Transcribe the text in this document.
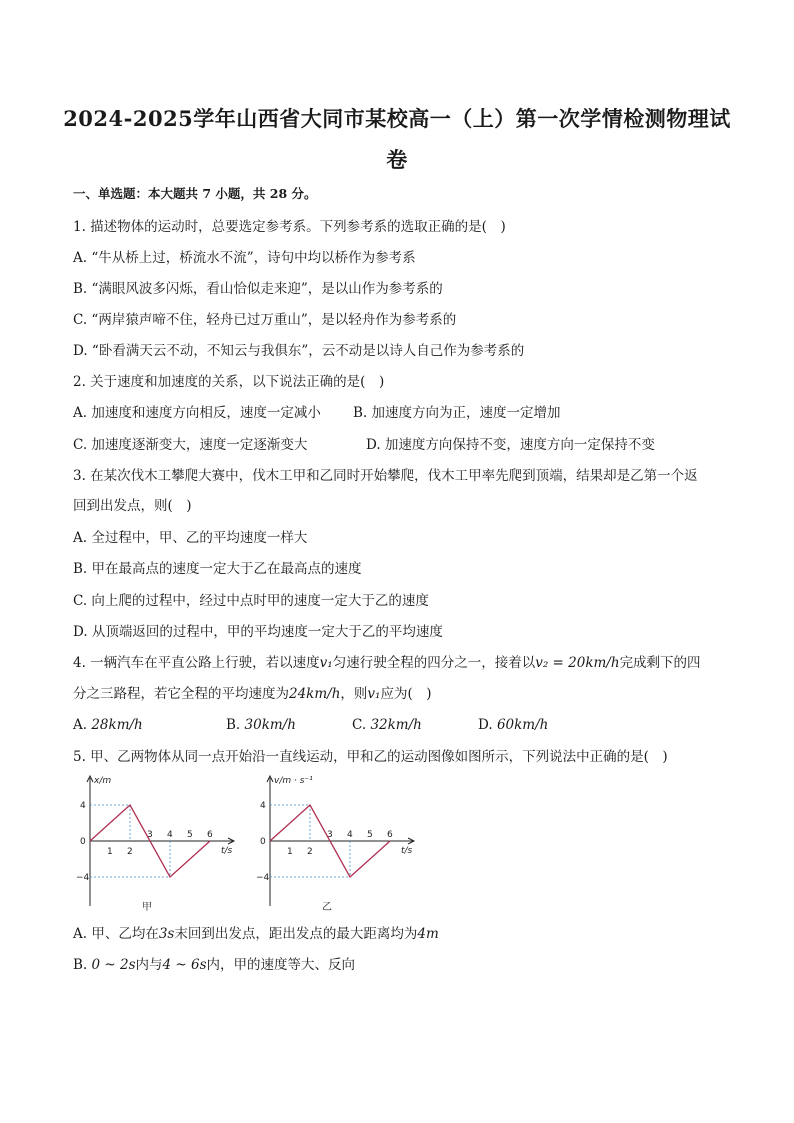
2024-2025学年山西省大同市某校高一（上）第一次学情检测物理试
卷
一、单选题：本大题共 7 小题，共 28 分。
1. 描述物体的运动时，总要选定参考系。下列参考系的选取正确的是(　)
A. “牛从桥上过，桥流水不流”，诗句中均以桥作为参考系
B. “满眼风波多闪烁，看山恰似走来迎”，是以山作为参考系的
C. “两岸猿声啼不住，轻舟已过万重山”，是以轻舟作为参考系的
D. “卧看满天云不动，不知云与我俱东”，云不动是以诗人自己作为参考系的
2. 关于速度和加速度的关系，以下说法正确的是(　)
A. 加速度和速度方向相反，速度一定减小 B. 加速度方向为正，速度一定增加
C. 加速度逐渐变大，速度一定逐渐变大	D. 加速度方向保持不变，速度方向一定保持不变
3. 在某次伐木工攀爬大赛中，伐木工甲和乙同时开始攀爬，伐木工甲率先爬到顶端，结果却是乙第一个返
回到出发点，则(　)
A. 全过程中，甲、乙的平均速度一样大
B. 甲在最高点的速度一定大于乙在最高点的速度
C. 向上爬的过程中，经过中点时甲的速度一定大于乙的速度
D. 从顶端返回的过程中，甲的平均速度一定大于乙的平均速度
4. 一辆汽车在平直公路上行驶，若以速度v₁匀速行驶全程的四分之一，接着以v₂ = 20km/h完成剩下的四
分之三路程，若它全程的平均速度为24km/h，则v₁应为(　)
A. 28km/h	B. 30km/h	C. 32km/h	D. 60km/h
5. 甲、乙两物体从同一点开始沿一直线运动，甲和乙的运动图像如图所示，下列说法中正确的是(　)
1 2
3 4 5 6
4
0
−4
x/m
t/s
甲
1 2
3 4 5 6
4
0
−4
v/m · s⁻¹
t/s
乙
A. 甲、乙均在3s末回到出发点，距出发点的最大距离均为4m
B. 0 ~ 2s内与4 ~ 6s内，甲的速度等大、反向
